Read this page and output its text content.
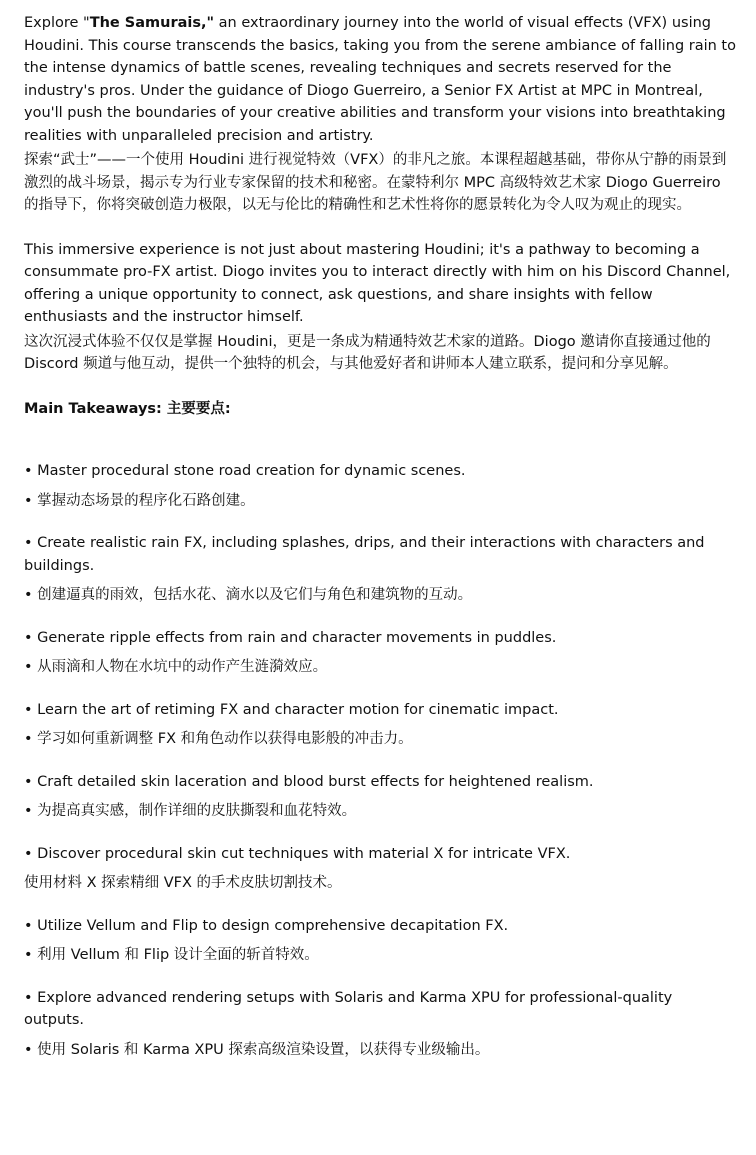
Explore "The Samurais," an extraordinary journey into the world of visual effects (VFX) using Houdini. This course transcends the basics, taking you from the serene ambiance of falling rain to the intense dynamics of battle scenes, revealing techniques and secrets reserved for the industry's pros. Under the guidance of Diogo Guerreiro, a Senior FX Artist at MPC in Montreal, you'll push the boundaries of your creative abilities and transform your visions into breathtaking realities with unparalleled precision and artistry.

探索“武士”——一个使用 Houdini 进行视觉特效（VFX）的非凡之旅。本课程超越基础，带你从宁静的雨景到激烈的战斗场景，揭示专为行业专家保留的技术和秘密。在蒙特利尔 MPC 高级特效艺术家 Diogo Guerreiro 的指导下，你将突破创造力极限，以无与伦比的精确性和艺术性将你的愿景转化为令人叹为观止的现实。

This immersive experience is not just about mastering Houdini; it's a pathway to becoming a consummate pro-FX artist. Diogo invites you to interact directly with him on his Discord Channel, offering a unique opportunity to connect, ask questions, and share insights with fellow enthusiasts and the instructor himself.

这次沉浸式体验不仅仅是掌握 Houdini，更是一条成为精通特效艺术家的道路。Diogo 邀请你直接通过他的 Discord 频道与他互动，提供一个独特的机会，与其他爱好者和讲师本人建立联系，提问和分享见解。

Main Takeaways: 主要要点:

• Master procedural stone road creation for dynamic scenes.

• 掌握动态场景的程序化石路创建。

• Create realistic rain FX, including splashes, drips, and their interactions with characters and buildings.

• 创建逼真的雨效，包括水花、滴水以及它们与角色和建筑物的互动。

• Generate ripple effects from rain and character movements in puddles.

• 从雨滴和人物在水坑中的动作产生涟漪效应。

• Learn the art of retiming FX and character motion for cinematic impact.

• 学习如何重新调整 FX 和角色动作以获得电影般的冲击力。

• Craft detailed skin laceration and blood burst effects for heightened realism.

• 为提高真实感，制作详细的皮肤撕裂和血花特效。

• Discover procedural skin cut techniques with material X for intricate VFX.

使用材料 X 探索精细 VFX 的手术皮肤切割技术。

• Utilize Vellum and Flip to design comprehensive decapitation FX.

• 利用 Vellum 和 Flip 设计全面的斩首特效。

• Explore advanced rendering setups with Solaris and Karma XPU for professional-quality outputs.

• 使用 Solaris 和 Karma XPU 探索高级渲染设置，以获得专业级输出。
